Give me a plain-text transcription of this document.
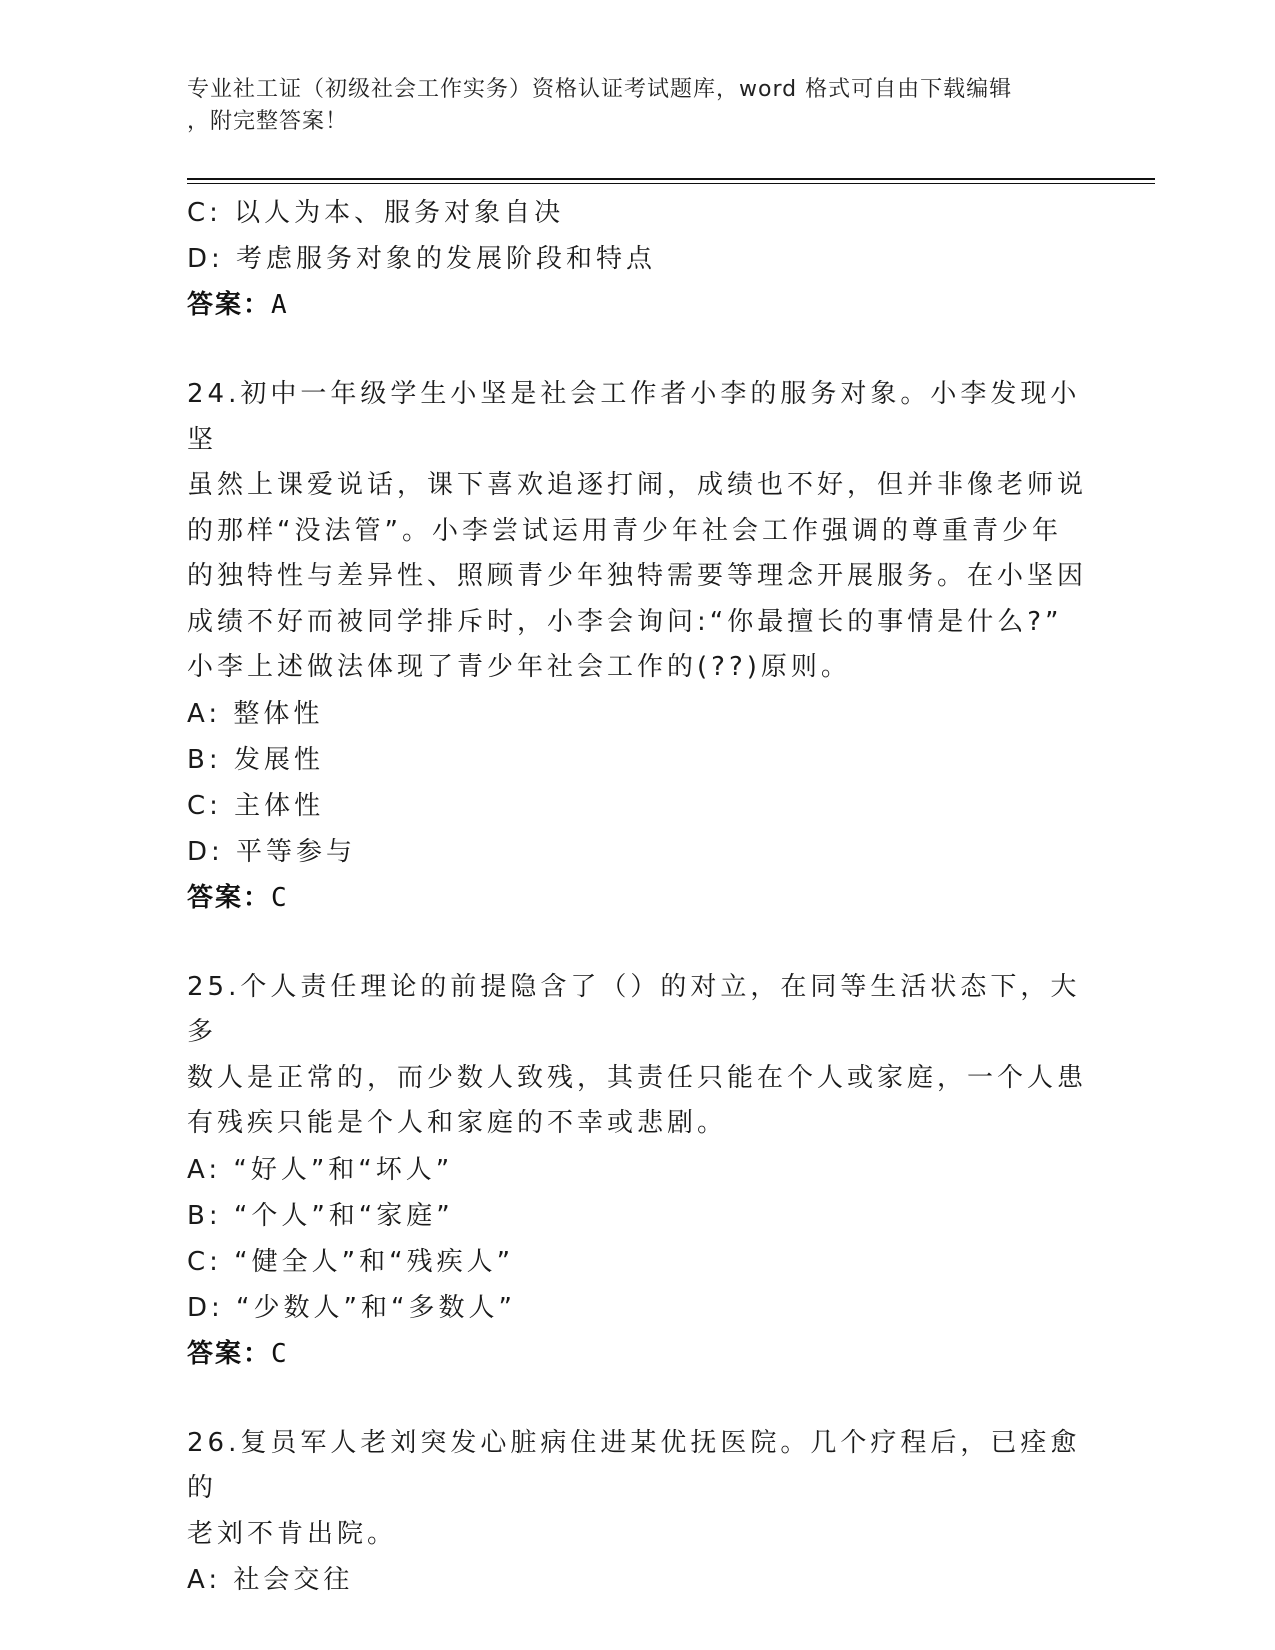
专业社工证（初级社会工作实务）资格认证考试题库，word 格式可自由下载编辑
，附完整答案！
C: 以人为本、服务对象自决
D: 考虑服务对象的发展阶段和特点
答案：A
24.初中一年级学生小坚是社会工作者小李的服务对象。小李发现小坚
虽然上课爱说话，课下喜欢追逐打闹，成绩也不好，但并非像老师说
的那样“没法管”。小李尝试运用青少年社会工作强调的尊重青少年
的独特性与差异性、照顾青少年独特需要等理念开展服务。在小坚因
成绩不好而被同学排斥时，小李会询问:“你最擅长的事情是什么?”
小李上述做法体现了青少年社会工作的(??)原则。
A: 整体性
B: 发展性
C: 主体性
D: 平等参与
答案：C
25.个人责任理论的前提隐含了（）的对立，在同等生活状态下，大多
数人是正常的，而少数人致残，其责任只能在个人或家庭，一个人患
有残疾只能是个人和家庭的不幸或悲剧。
A: “好人”和“坏人”
B: “个人”和“家庭”
C: “健全人”和“残疾人”
D: “少数人”和“多数人”
答案：C
26.复员军人老刘突发心脏病住进某优抚医院。几个疗程后，已痊愈的
老刘不肯出院。
A: 社会交往
